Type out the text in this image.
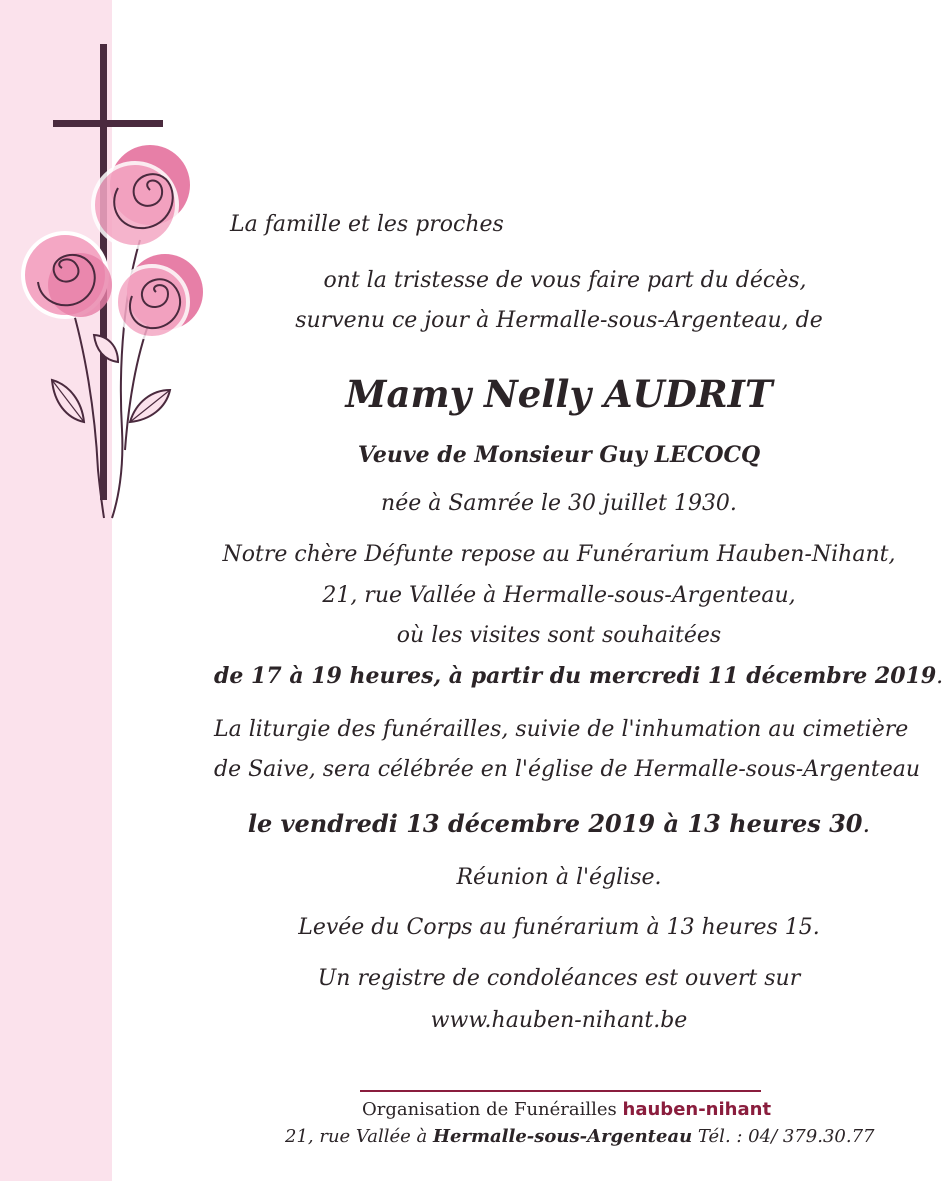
La famille et les proches
ont la tristesse de vous faire part du décès,
survenu ce jour à Hermalle-sous-Argenteau, de
Mamy Nelly AUDRIT
Veuve de Monsieur Guy LECOCQ
née à Samrée le 30 juillet 1930.
Notre chère Défunte repose au Funérarium Hauben-Nihant,
21, rue Vallée à Hermalle-sous-Argenteau,
où les visites sont souhaitées
de 17 à 19 heures, à partir du mercredi 11 décembre 2019.
La liturgie des funérailles, suivie de l'inhumation au cimetière
de Saive, sera célébrée en l'église de Hermalle-sous-Argenteau
le vendredi 13 décembre 2019 à 13 heures 30.
Réunion à l'église.
Levée du Corps au funérarium à 13 heures 15.
Un registre de condoléances est ouvert sur
www.hauben-nihant.be
Organisation de Funérailles hauben-nihant
21, rue Vallée à Hermalle-sous-Argenteau Tél. : 04/ 379.30.77
